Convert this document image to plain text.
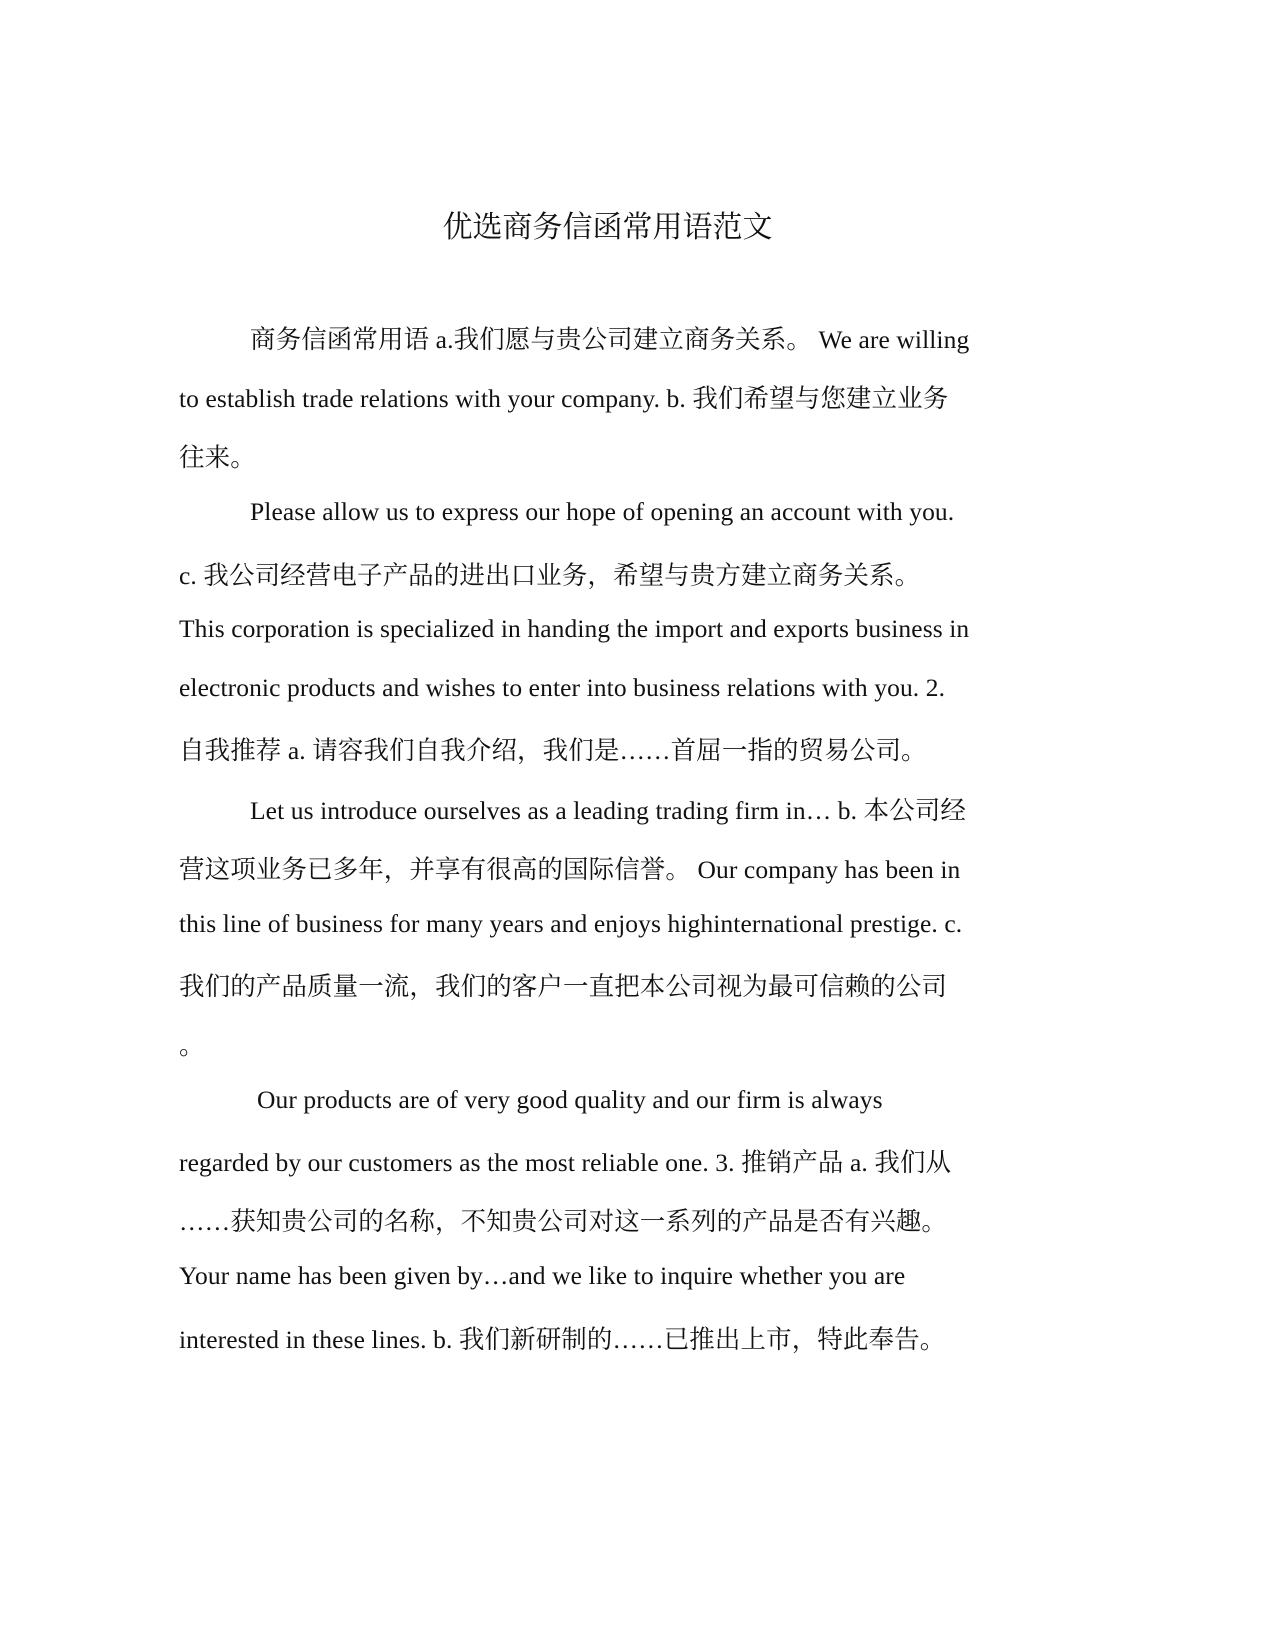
优选商务信函常用语范文
商务信函常用语 a.我们愿与贵公司建立商务关系。 We are willing
to establish trade relations with your company. b. 我们希望与您建立业务
往来。
Please allow us to express our hope of opening an account with you.
c. 我公司经营电子产品的进出口业务，希望与贵方建立商务关系。
This corporation is specialized in handing the import and exports business in
electronic products and wishes to enter into business relations with you. 2.
自我推荐 a. 请容我们自我介绍，我们是……首屈一指的贸易公司。
Let us introduce ourselves as a leading trading firm in… b. 本公司经
营这项业务已多年，并享有很高的国际信誉。 Our company has been in
this line of business for many years and enjoys highinternational prestige. c.
我们的产品质量一流，我们的客户一直把本公司视为最可信赖的公司
。
Our products are of very good quality and our firm is always
regarded by our customers as the most reliable one. 3. 推销产品 a. 我们从
……获知贵公司的名称，不知贵公司对这一系列的产品是否有兴趣。
Your name has been given by…and we like to inquire whether you are
interested in these lines. b. 我们新研制的……已推出上市，特此奉告。
